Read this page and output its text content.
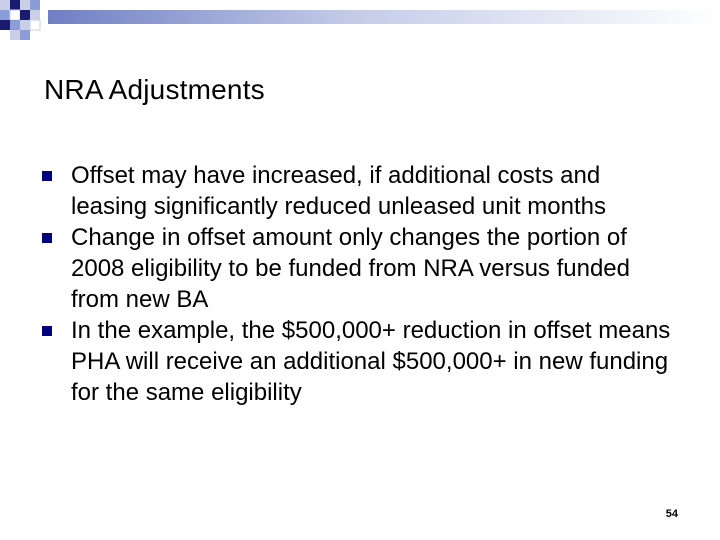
NRA Adjustments
Offset may have increased, if additional costs and leasing significantly reduced unleased unit months
Change in offset amount only changes the portion of 2008 eligibility to be funded from NRA versus funded from new BA
In the example, the $500,000+ reduction in offset means PHA will receive an additional $500,000+ in new funding for the same eligibility
54
